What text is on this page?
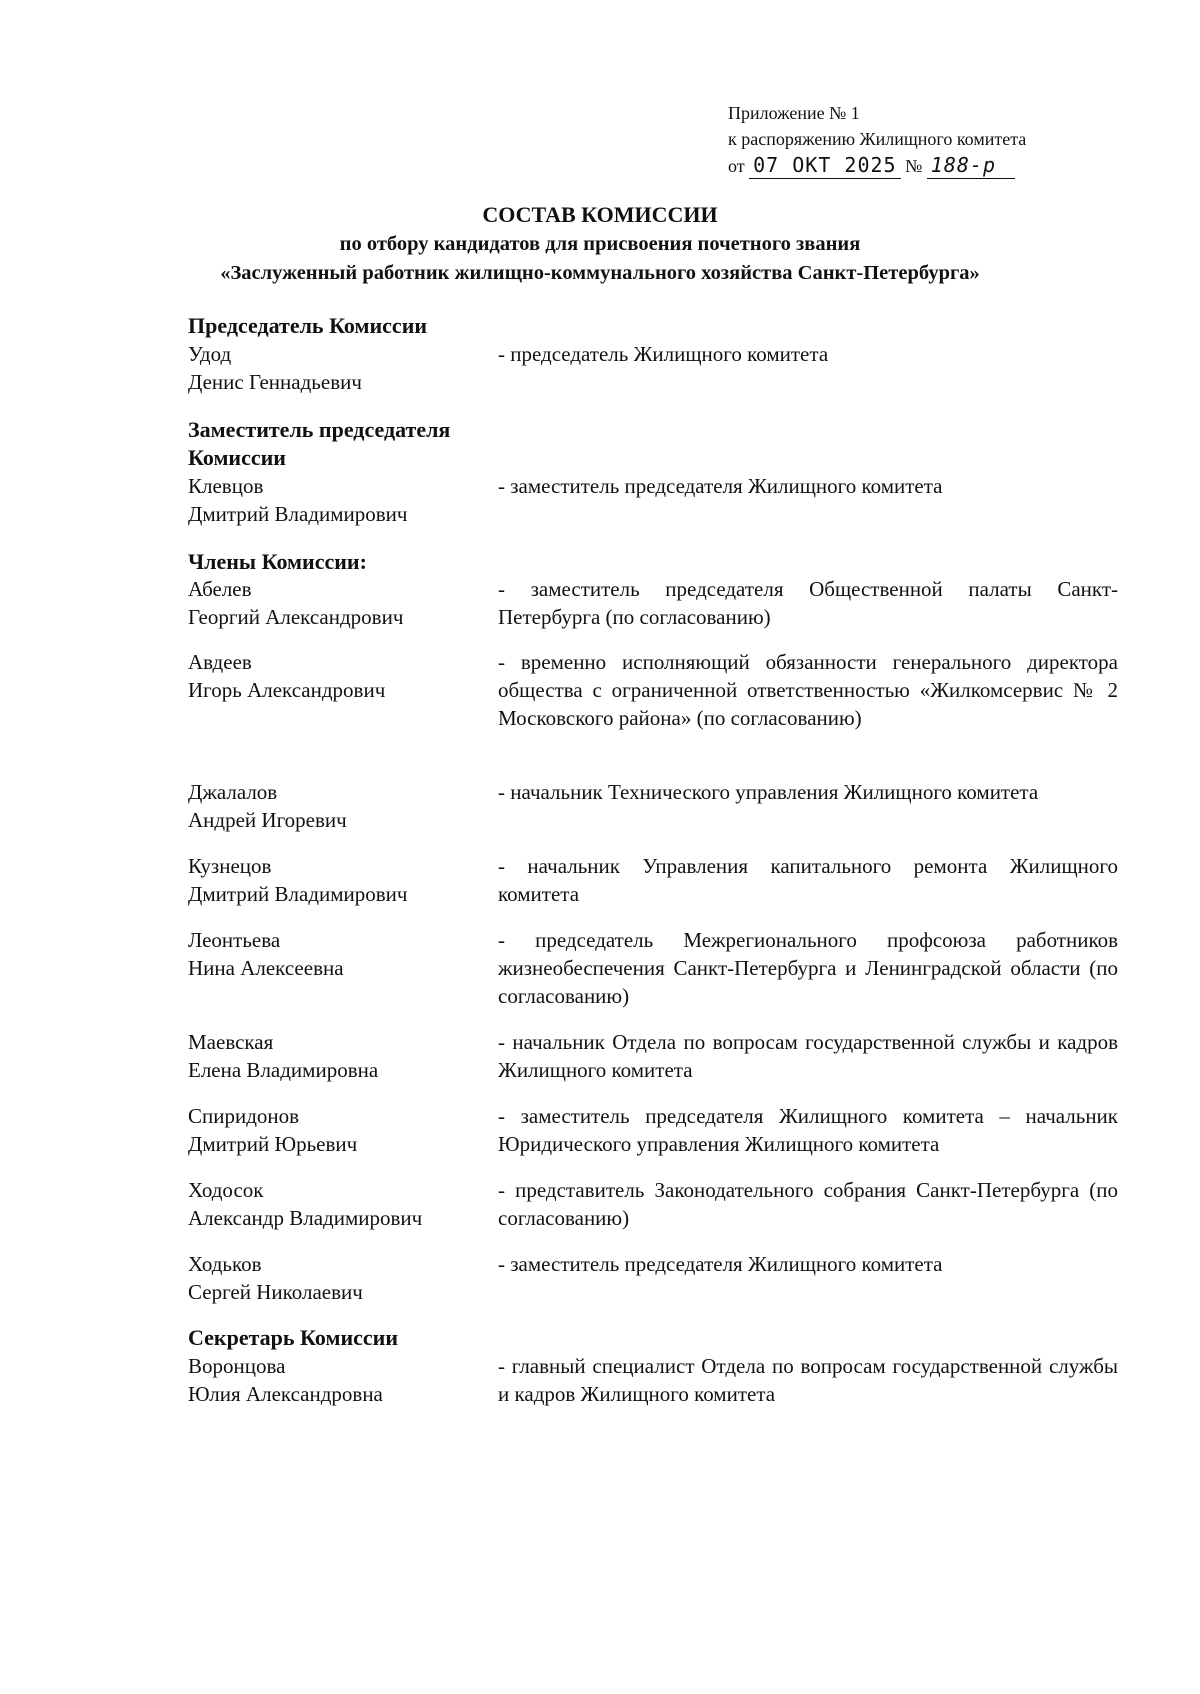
Приложение № 1
к распоряжению Жилищного комитета
от 07 ОКТ 2025 № 188-р
СОСТАВ КОМИССИИ
по отбору кандидатов для присвоения почетного звания
«Заслуженный работник жилищно-коммунального хозяйства Санкт-Петербурга»

Председатель Комиссии

Удод
Денис Геннадьевич
- председатель Жилищного комитета

Заместитель председателя

Комиссии

Клевцов
Дмитрий Владимирович
- заместитель председателя Жилищного комитета

Члены Комиссии:

Абелев
Георгий Александрович
- заместитель председателя Общественной палаты Санкт-Петербурга (по согласованию)
Авдеев
Игорь Александрович
- временно исполняющий обязанности генерального директора общества с ограниченной ответственностью «Жилкомсервис № 2 Московского района» (по согласованию)
Джалалов
Андрей Игоревич
- начальник Технического управления Жилищного комитета
Кузнецов
Дмитрий Владимирович
- начальник Управления капитального ремонта Жилищного комитета
Леонтьева
Нина Алексеевна
- председатель Межрегионального профсоюза работников жизнеобеспечения Санкт-Петербурга и Ленинградской области (по согласованию)
Маевская
Елена Владимировна
- начальник Отдела по вопросам государственной службы и кадров Жилищного комитета
Спиридонов
Дмитрий Юрьевич
- заместитель председателя Жилищного комитета – начальник Юридического управления Жилищного комитета
Ходосок
Александр Владимирович
- представитель Законодательного собрания Санкт-Петербурга (по согласованию)
Ходьков
Сергей Николаевич
- заместитель председателя Жилищного комитета

Секретарь Комиссии

Воронцова
Юлия Александровна
- главный специалист Отдела по вопросам государственной службы и кадров Жилищного комитета
